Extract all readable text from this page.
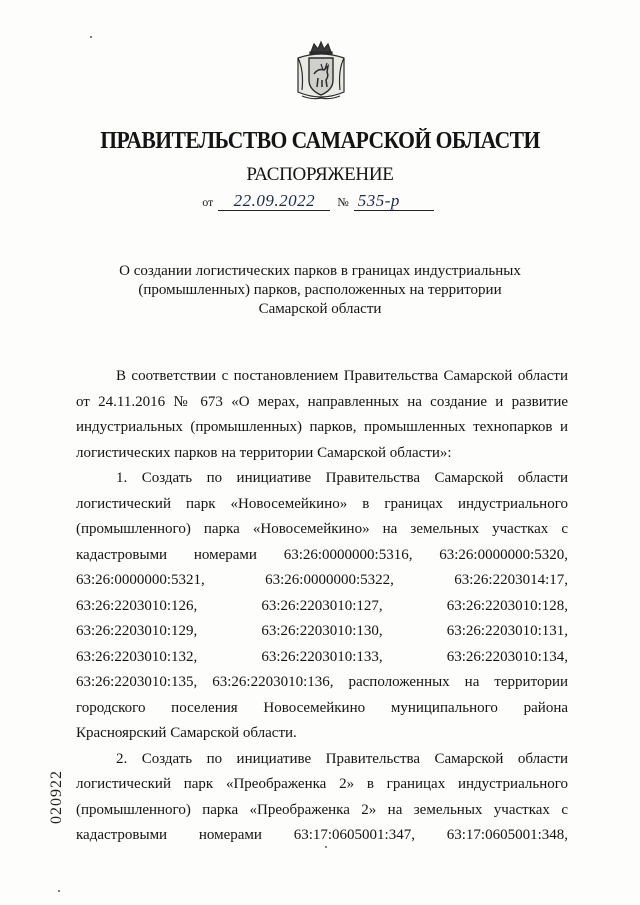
ПРАВИТЕЛЬСТВО САМАРСКОЙ ОБЛАСТИ
РАСПОРЯЖЕНИЕ
от 22.09.2022 № 535-р
О создании логистических парков в границах индустриальных
(промышленных) парков, расположенных на территории
Самарской области

В соответствии с постановлением Правительства Самарской области от 24.11.2016 № 673 «О мерах, направленных на создание и развитие индустриальных (промышленных) парков, промышленных технопарков и логистических парков на территории Самарской области»:

1. Создать по инициативе Правительства Самарской области логистический парк «Новосемейкино» в границах индустриального (промышленного) парка «Новосемейкино» на земельных участках с кадастровыми номерами 63:26:0000000:5316, 63:26:0000000:5320, 63:26:0000000:5321, 63:26:0000000:5322, 63:26:2203014:17, 63:26:2203010:126, 63:26:2203010:127, 63:26:2203010:128, 63:26:2203010:129, 63:26:2203010:130, 63:26:2203010:131, 63:26:2203010:132, 63:26:2203010:133, 63:26:2203010:134, 63:26:2203010:135, 63:26:2203010:136, расположенных на территории городского поселения Новосемейкино муниципального района Красноярский Самарской области.

2. Создать по инициативе Правительства Самарской области логистический парк «Преображенка 2» в границах индустриального (промышленного) парка «Преображенка 2» на земельных участках с кадастровыми номерами 63:17:0605001:347, 63:17:0605001:348,

020922
